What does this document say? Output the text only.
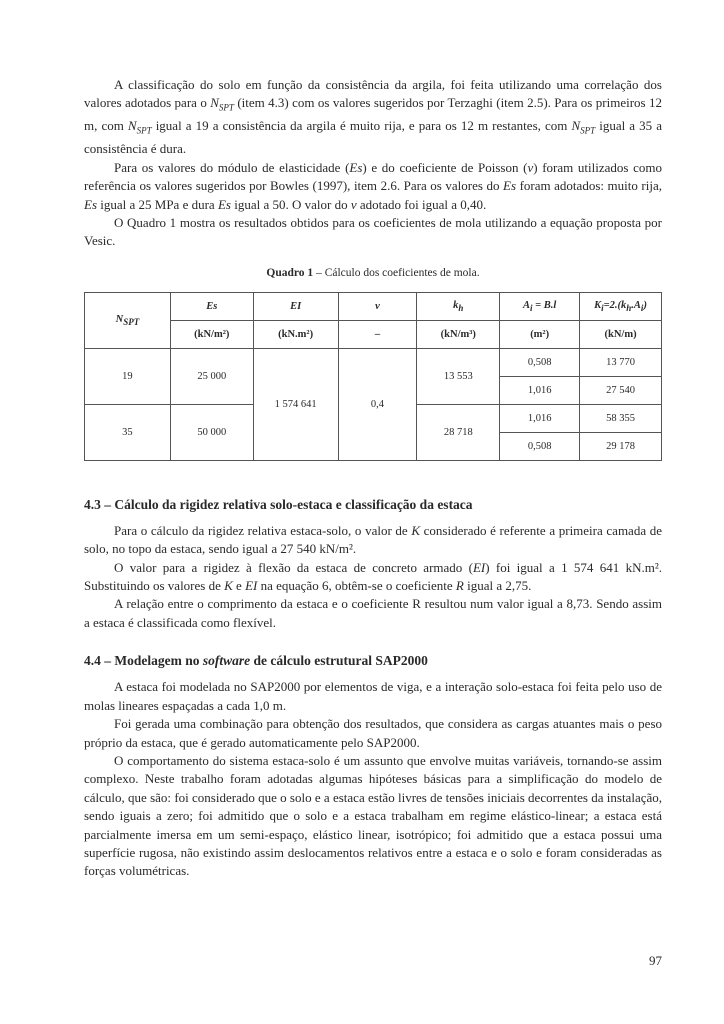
A classificação do solo em função da consistência da argila, foi feita utilizando uma correlação dos valores adotados para o $N_{SPT}$ (item 4.3) com os valores sugeridos por Terzaghi (item 2.5). Para os primeiros 12 m, com $N_{SPT}$ igual a 19 a consistência da argila é muito rija, e para os 12 m restantes, com $N_{SPT}$ igual a 35 a consistência é dura.

Para os valores do módulo de elasticidade (Es) e do coeficiente de Poisson (ν) foram utilizados como referência os valores sugeridos por Bowles (1997), item 2.6. Para os valores do Es foram adotados: muito rija, Es igual a 25 MPa e dura Es igual a 50. O valor do ν adotado foi igual a 0,40.

O Quadro 1 mostra os resultados obtidos para os coeficientes de mola utilizando a equação proposta por Vesic.

Quadro 1 – Cálculo dos coeficientes de mola.
$N_{SPT}$	Es	EI	ν	$k_h$	$A_i = B.l$	$K_i=2.(k_h.A_i)$
	(kN/m²)	(kN.m²)	–	(kN/m³)	(m²)	(kN/m)
19	25 000	1 574 641	0,4	13 553	0,508	13 770
					1,016	27 540
35	50 000			28 718	1,016	58 355
					0,508	29 178
4.3 – Cálculo da rigidez relativa solo-estaca e classificação da estaca

Para o cálculo da rigidez relativa estaca-solo, o valor de K considerado é referente a primeira camada de solo, no topo da estaca, sendo igual a 27 540 kN/m².

O valor para a rigidez à flexão da estaca de concreto armado (EI) foi igual a 1 574 641 kN.m². Substituindo os valores de K e EI na equação 6, obtêm-se o coeficiente R igual a 2,75.

A relação entre o comprimento da estaca e o coeficiente R resultou num valor igual a 8,73. Sendo assim a estaca é classificada como flexível.

4.4 – Modelagem no software de cálculo estrutural SAP2000

A estaca foi modelada no SAP2000 por elementos de viga, e a interação solo-estaca foi feita pelo uso de molas lineares espaçadas a cada 1,0 m.

Foi gerada uma combinação para obtenção dos resultados, que considera as cargas atuantes mais o peso próprio da estaca, que é gerado automaticamente pelo SAP2000.

O comportamento do sistema estaca-solo é um assunto que envolve muitas variáveis, tornando-se assim complexo. Neste trabalho foram adotadas algumas hipóteses básicas para a simplificação do modelo de cálculo, que são: foi considerado que o solo e a estaca estão livres de tensões iniciais decorrentes da instalação, sendo iguais a zero; foi admitido que o solo e a estaca trabalham em regime elástico-linear; a estaca está parcialmente imersa em um semi-espaço, elástico linear, isotrópico; foi admitido que a estaca possui uma superfície rugosa, não existindo assim deslocamentos relativos entre a estaca e o solo e foram consideradas as forças volumétricas.

97
